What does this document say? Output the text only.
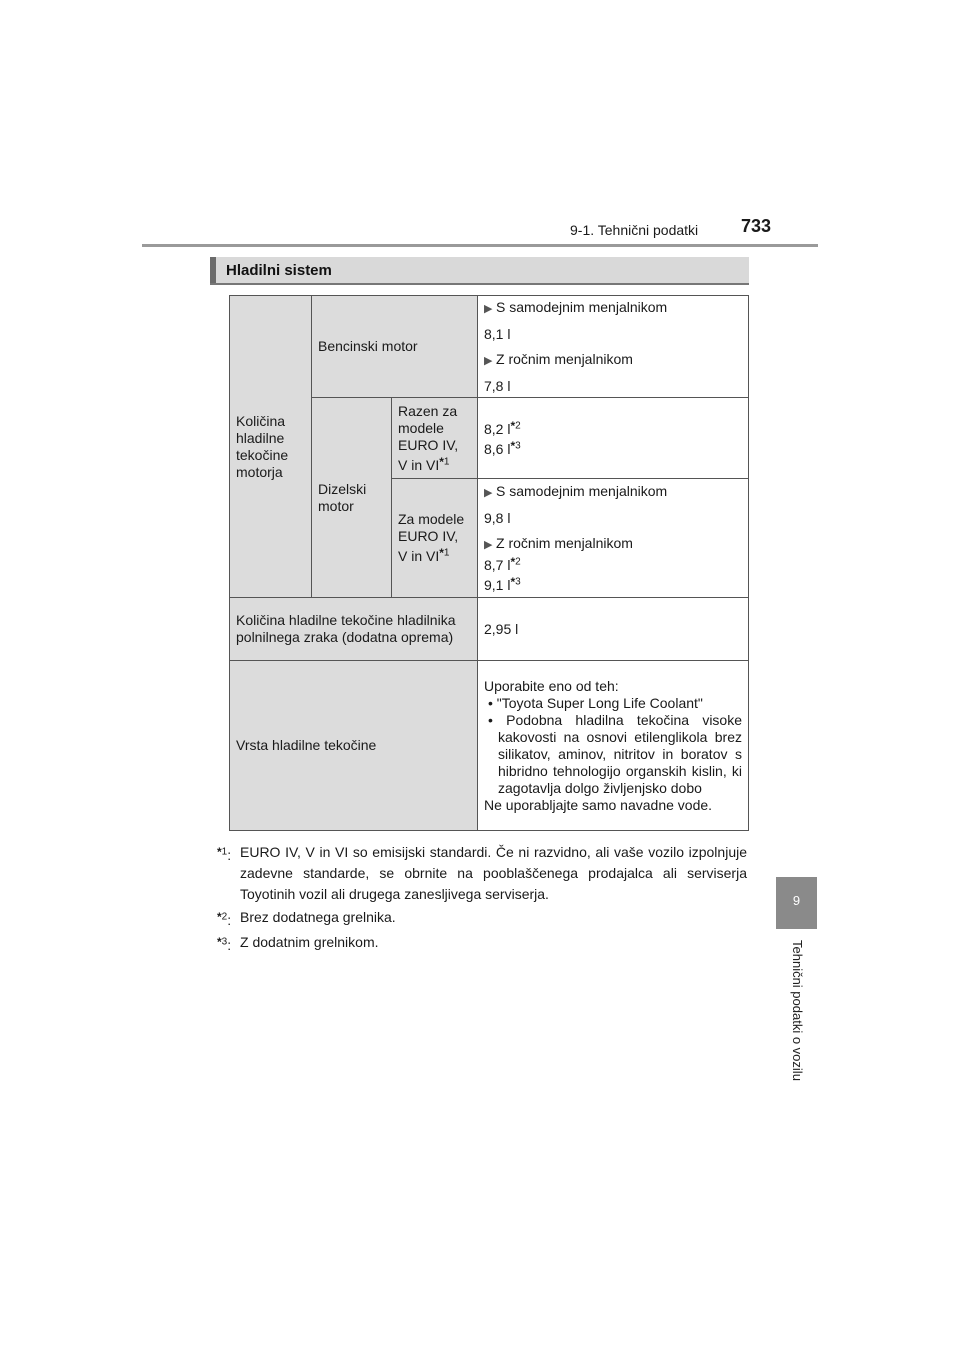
9-1. Tehnični podatki 733
9
Tehnični podatki o vozilu
Hladilni sistem
Količina hladilne tekočine motorja	Bencinski motor		▶ S samodejnim menjalnikom
8,1 l
▶ Z ročnim menjalnikom
7,8 l

	Dizelski motor	Razen za modele EURO IV, V in VI*$^1$	8,2 l*$^2$
8,6 l*$^3$

		Za modele EURO IV, V in VI*$^1$	▶ S samodejnim menjalnikom
9,8 l
▶ Z ročnim menjalnikom
8,7 l*$^2$
9,1 l*$^3$

Količina hladilne tekočine hladilnika polnilnega zraka (dodatna oprema)			2,95 l
Vrsta hladilne tekočine			Uporabite eno od teh:
• "Toyota Super Long Life Coolant"
• Podobna hladilna tekočina visoke kakovosti na osnovi etilenglikola brez silikatov, aminov, nitritov in boratov s hibridno tehnologijo organskih kislin, ki zagotavlja dolgo življenjsko dobo
Ne uporabljajte samo navadne vode.
*$^1$: EURO IV, V in VI so emisijski standardi. Če ni razvidno, ali vaše vozilo izpolnjuje zadevne standarde, se obrnite na pooblaščenega prodajalca ali serviserja Toyotinih vozil ali drugega zanesljivega serviserja.
*$^2$: Brez dodatnega grelnika.
*$^3$: Z dodatnim grelnikom.
